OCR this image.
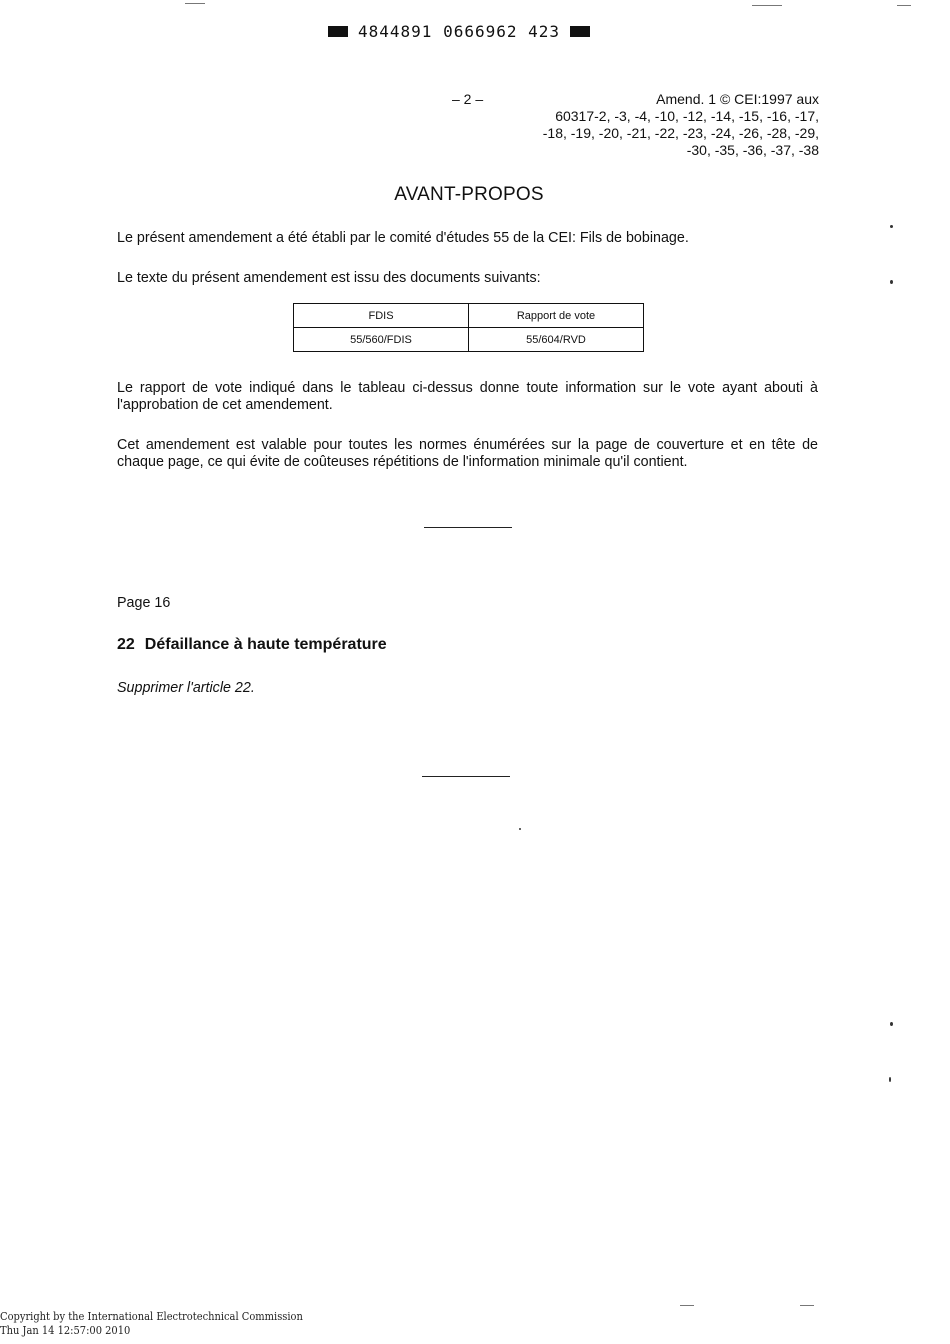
4844891 0666962 423
– 2 –	Amend. 1 © CEI:1997 aux
60317-2, -3, -4, -10, -12, -14, -15, -16, -17,
-18, -19, -20, -21, -22, -23, -24, -26, -28, -29,
-30, -35, -36, -37, -38
AVANT-PROPOS
Le présent amendement a été établi par le comité d'études 55 de la CEI: Fils de bobinage.
Le texte du présent amendement est issu des documents suivants:
FDIS	Rapport de vote
55/560/FDIS	55/604/RVD
Le rapport de vote indiqué dans le tableau ci-dessus donne toute information sur le vote ayant abouti à l'approbation de cet amendement.
Cet amendement est valable pour toutes les normes énumérées sur la page de couverture et en tête de chaque page, ce qui évite de coûteuses répétitions de l'information minimale qu'il contient.
Page 16
22 Défaillance à haute température
Supprimer l'article 22.
Copyright by the International Electrotechnical Commission
Thu Jan 14 12:57:00 2010
